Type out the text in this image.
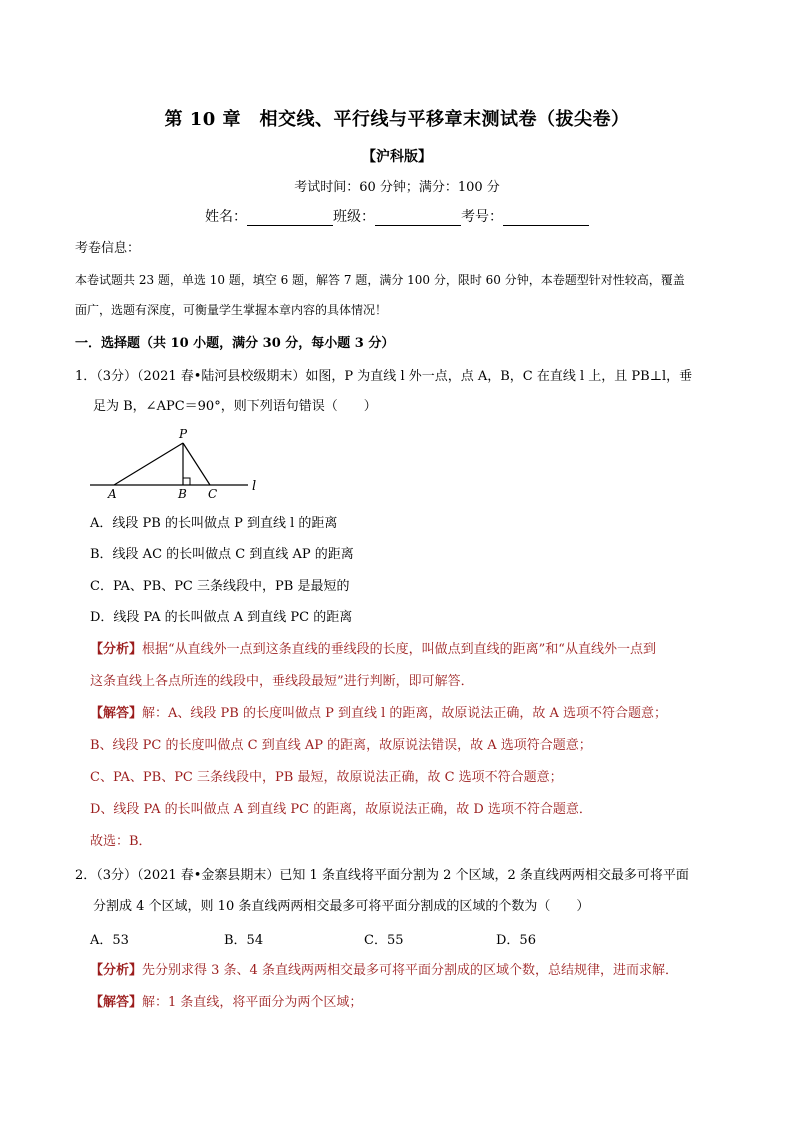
第 10 章　相交线、平行线与平移章末测试卷（拔尖卷）
【沪科版】
考试时间：60 分钟；满分：100 分
姓名：	班级：	考号：
考卷信息：
本卷试题共 23 题，单选 10 题，填空 6 题，解答 7 题，满分 100 分，限时 60 分钟，本卷题型针对性较高，覆盖
面广，选题有深度，可衡量学生掌握本章内容的具体情况！
一．选择题（共 10 小题，满分 30 分，每小题 3 分）
1．（3分）（2021 春•陆河县校级期末）如图，P 为直线 l 外一点，点 A，B，C 在直线 l 上，且 PB⊥l，垂
足为 B，∠APC＝90°，则下列语句错误（　　）
P
A	B C	l
A．线段 PB 的长叫做点 P 到直线 l 的距离
B．线段 AC 的长叫做点 C 到直线 AP 的距离
C．PA、PB、PC 三条线段中，PB 是最短的
D．线段 PA 的长叫做点 A 到直线 PC 的距离
【分析】根据“从直线外一点到这条直线的垂线段的长度，叫做点到直线的距离”和“从直线外一点到
这条直线上各点所连的线段中，垂线段最短”进行判断，即可解答．
【解答】解：A、线段 PB 的长度叫做点 P 到直线 l 的距离，故原说法正确，故 A 选项不符合题意；
B、线段 PC 的长度叫做点 C 到直线 AP 的距离，故原说法错误，故 A 选项符合题意；
C、PA、PB、PC 三条线段中，PB 最短，故原说法正确，故 C 选项不符合题意；
D、线段 PA 的长叫做点 A 到直线 PC 的距离，故原说法正确，故 D 选项不符合题意．
故选：B．
2．（3分）（2021 春•金寨县期末）已知 1 条直线将平面分割为 2 个区域，2 条直线两两相交最多可将平面
分割成 4 个区域，则 10 条直线两两相交最多可将平面分割成的区域的个数为（　　）
A．53	B．54	C．55	D．56
【分析】先分别求得 3 条、4 条直线两两相交最多可将平面分割成的区域个数，总结规律，进而求解．
【解答】解：1 条直线，将平面分为两个区域；
